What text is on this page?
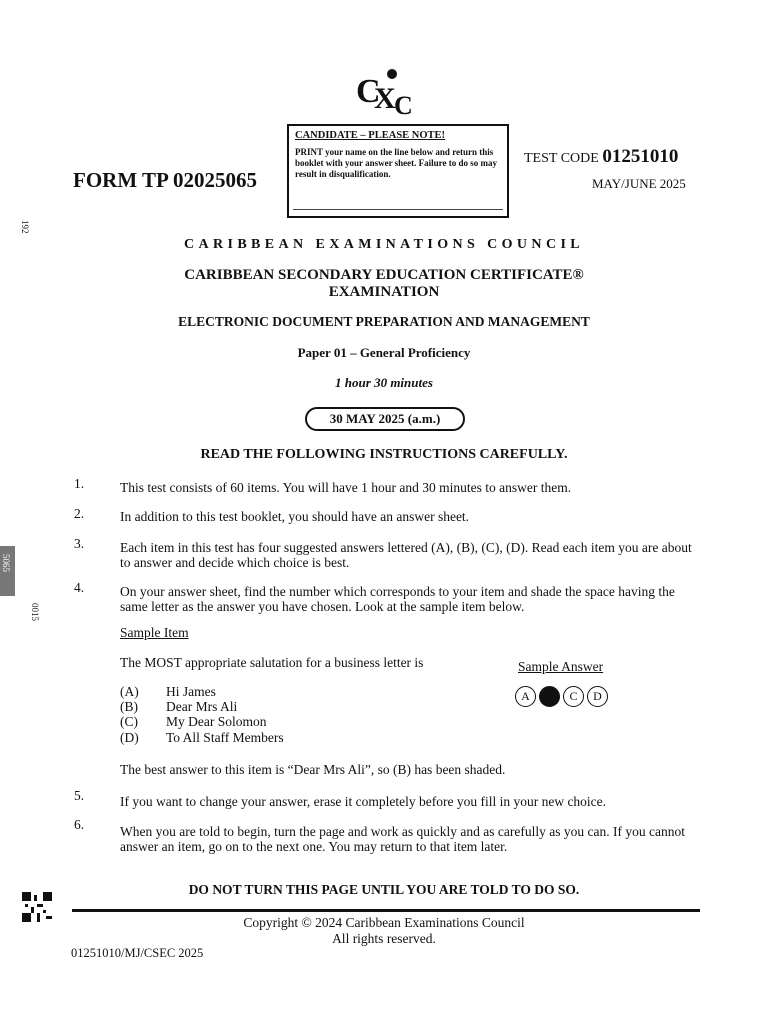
C
X
C
CANDIDATE – PLEASE NOTE!
PRINT your name on the line below and return this booklet with your answer sheet. Failure to do so may result in disqualification.
FORM TP 02025065
TEST CODE 01251010
MAY/JUNE 2025
192
5065
0015
CARIBBEAN EXAMINATIONS COUNCIL
CARIBBEAN SECONDARY EDUCATION CERTIFICATE®
EXAMINATION
ELECTRONIC DOCUMENT PREPARATION AND MANAGEMENT
Paper 01 – General Proficiency
1 hour 30 minutes
30 MAY 2025 (a.m.)
READ THE FOLLOWING INSTRUCTIONS CAREFULLY.
1.	This test consists of 60 items. You will have 1 hour and 30 minutes to answer them.
2.	In addition to this test booklet, you should have an answer sheet.
3.	Each item in this test has four suggested answers lettered (A), (B), (C), (D). Read each item you are about to answer and decide which choice is best.
4.	On your answer sheet, find the number which corresponds to your item and shade the space having the same letter as the answer you have chosen. Look at the sample item below.
Sample Item
The MOST appropriate salutation for a business letter is	Sample Answer
A	C	D
(A) Hi James
(B) Dear Mrs Ali
(C) My Dear Solomon
(D) To All Staff Members
The best answer to this item is “Dear Mrs Ali”, so (B) has been shaded.
5.	If you want to change your answer, erase it completely before you fill in your new choice.
6.	When you are told to begin, turn the page and work as quickly and as carefully as you can. If you cannot answer an item, go on to the next one. You may return to that item later.
DO NOT TURN THIS PAGE UNTIL YOU ARE TOLD TO DO SO.
Copyright © 2024 Caribbean Examinations Council
All rights reserved.
01251010/MJ/CSEC 2025
